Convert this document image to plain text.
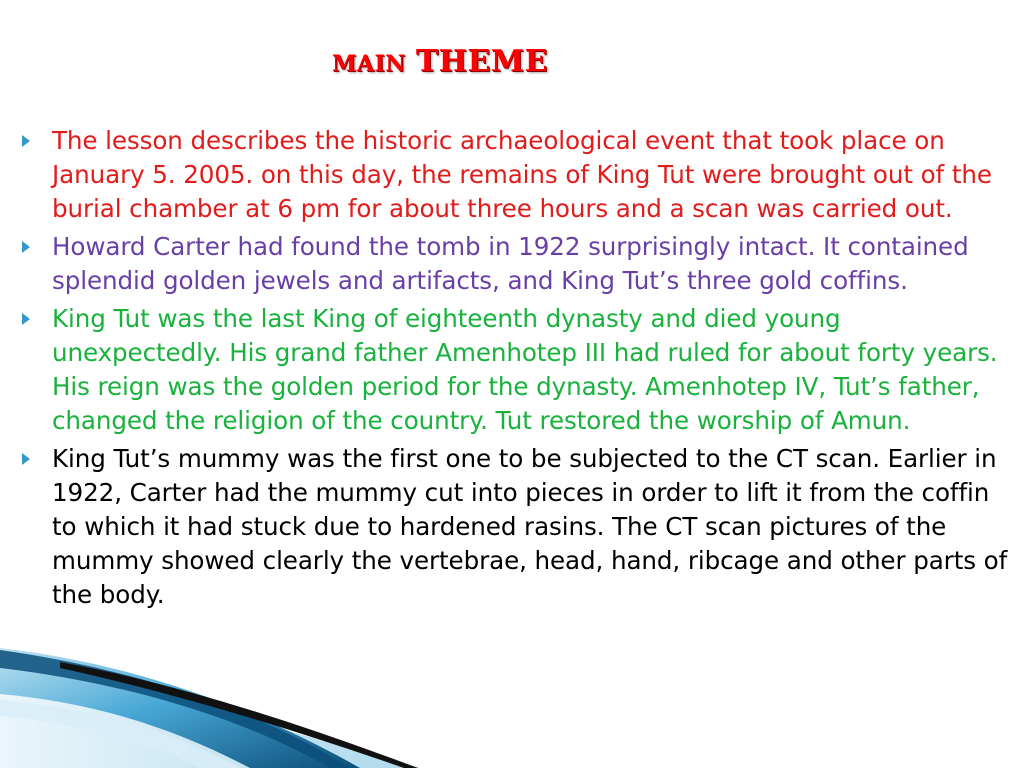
MAIN THEME
The lesson describes the historic archaeological event that took place on January 5. 2005. on this day, the remains of King Tut were brought out of the burial chamber at 6 pm for about three hours and a scan was carried out.
Howard Carter had found the tomb in 1922 surprisingly intact. It contained splendid golden jewels and artifacts, and King Tut’s three gold coffins.
King Tut was the last King of eighteenth dynasty and died young unexpectedly. His grand father Amenhotep III had ruled for about forty years. His reign was the golden period for the dynasty. Amenhotep IV, Tut’s father, changed the religion of the country. Tut restored the worship of Amun.
King Tut’s mummy was the first one to be subjected to the CT scan. Earlier in 1922, Carter had the mummy cut into pieces in order to lift it from the coffin to which it had stuck due to hardened rasins. The CT scan pictures of the mummy showed clearly the vertebrae, head, hand, ribcage and other parts of the body.
